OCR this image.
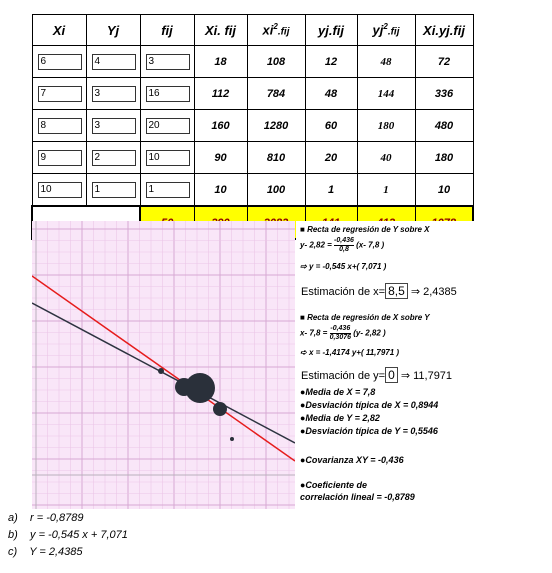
Xi	Yj	fij	Xi. fij	$xi^2.fij$	yj.fij	$yj^2.fij$	Xi.yj.fij

6	4	3	18	108	12	48	72

7	3	16	112	784	48	144	336

8	3	20	160	1280	60	180	480

9	2	10	90	810	20	40	180

10	1	1	10	100	1	1	10

■ Recta de regresión de Y sobre X
y- $2,82 = \frac{-0,436}{0,8} (x-$ 7,8 )
⇨ y = -0,545 x+( 7,071 )
Estimación de x= 8,5 ⇒ 2,4385
■ Recta de regresión de X sobre Y
x- $7,8 = \frac{-0,436}{0,3076} (y-$ 2,82 )
➪ x = -1,4174 y+( 11,7971 )
Estimación de y= 0 ⇒ 11,7971
●Media de X = 7,8
●Desviación típica de X = 0,8944
●Media de Y = 2,82
●Desviación típica de Y = 0,5546
●Covarianza XY = -0,436
●Coeficiente de
correlación lineal = -0,8789
a) r = -0,8789
b) y = -0,545 x + 7,071
c) Y = 2,4385
